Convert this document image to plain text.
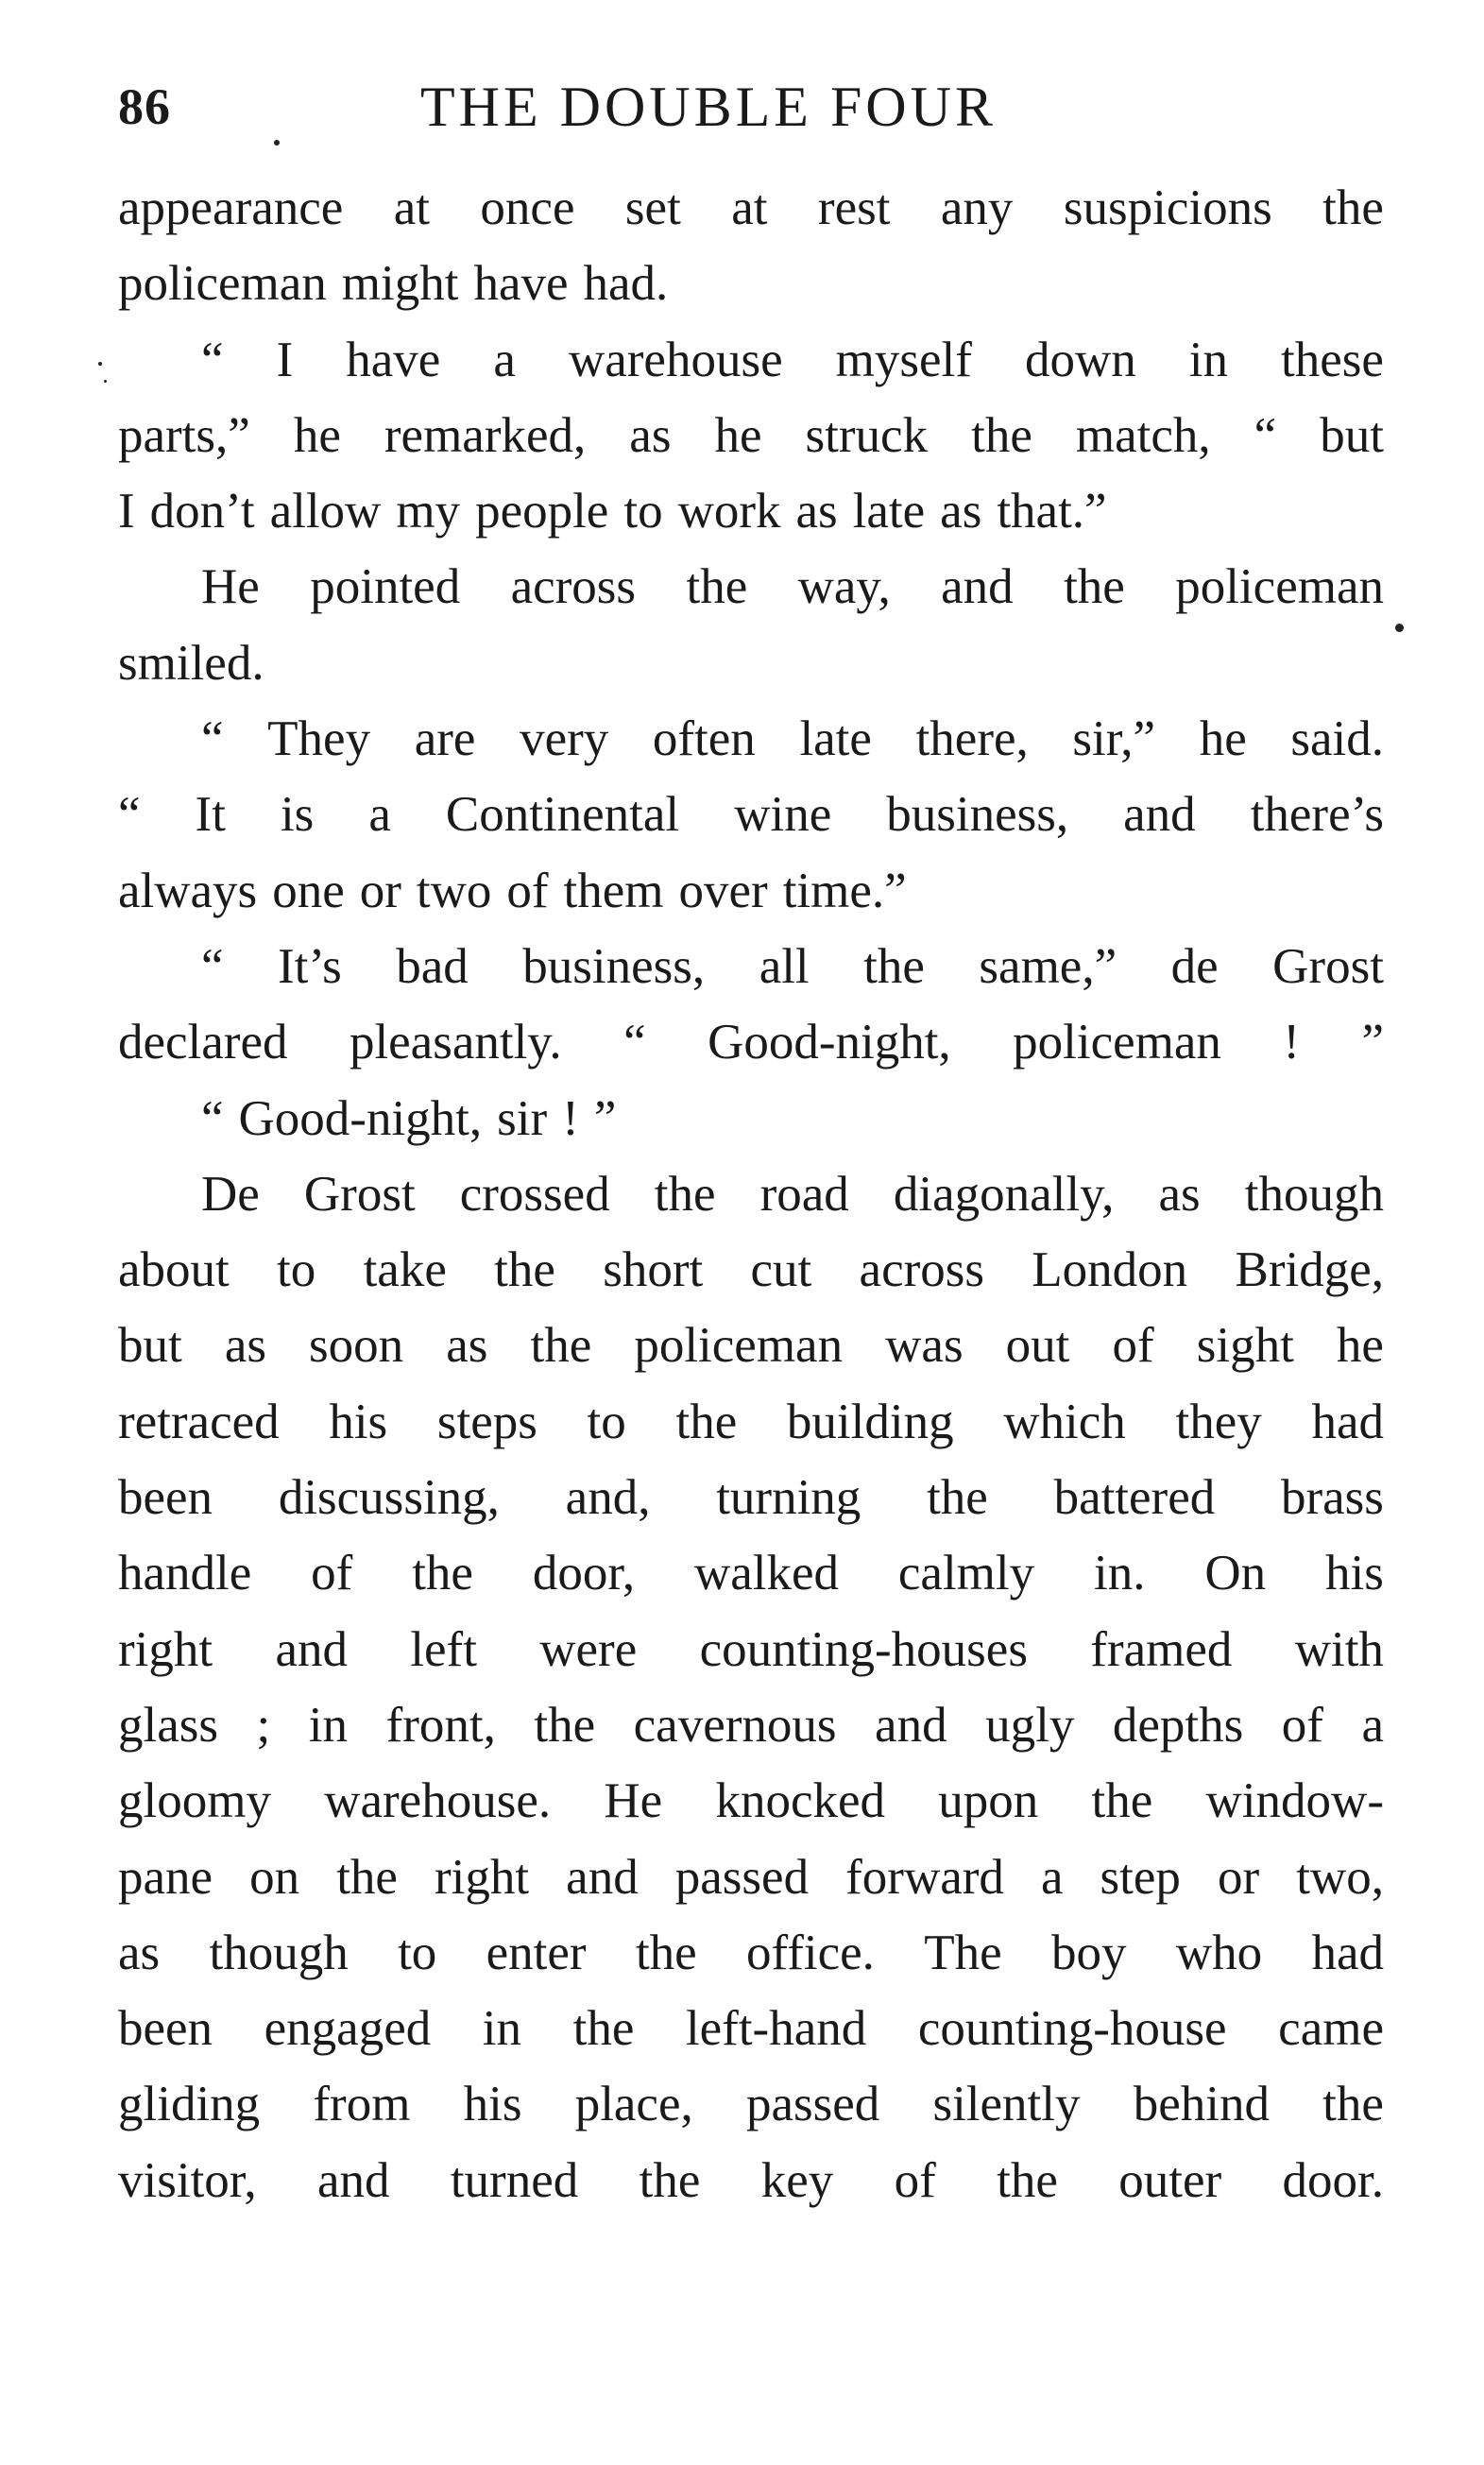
86	THE DOUBLE FOUR
appearance at once set at rest any suspicions the
policeman might have had.
“ I have a warehouse myself down in these
parts,” he remarked, as he struck the match, “ but
I don’t allow my people to work as late as that.”
He pointed across the way, and the policeman
smiled.
“ They are very often late there, sir,” he said.
“ It is a Continental wine business, and there’s
always one or two of them over time.”
“ It’s bad business, all the same,” de Grost
declared pleasantly. “ Good-night, policeman ! ”
“ Good-night, sir ! ”
De Grost crossed the road diagonally, as though
about to take the short cut across London Bridge,
but as soon as the policeman was out of sight he
retraced his steps to the building which they had
been discussing, and, turning the battered brass
handle of the door, walked calmly in. On his
right and left were counting-houses framed with
glass ; in front, the cavernous and ugly depths of a
gloomy warehouse. He knocked upon the window-
pane on the right and passed forward a step or two,
as though to enter the office. The boy who had
been engaged in the left-hand counting-house came
gliding from his place, passed silently behind the
visitor, and turned the key of the outer door.
